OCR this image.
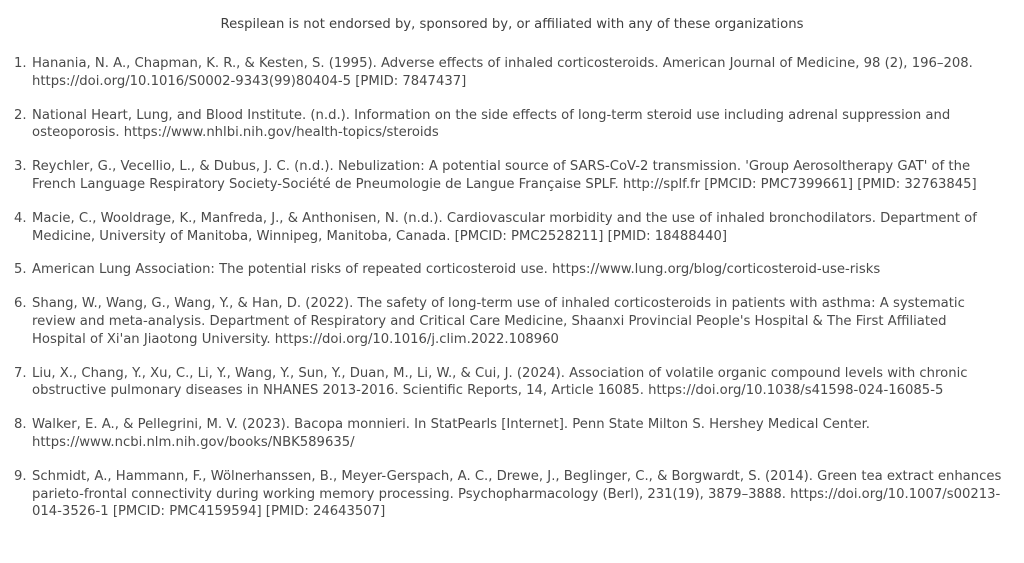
Respilean is not endorsed by, sponsored by, or affiliated with any of these organizations
1. Hanania, N. A., Chapman, K. R., & Kesten, S. (1995). Adverse effects of inhaled corticosteroids. American Journal of Medicine, 98 (2), 196–208. https://doi.org/10.1016/S0002-9343(99)80404-5 [PMID: 7847437]
2. National Heart, Lung, and Blood Institute. (n.d.). Information on the side effects of long-term steroid use including adrenal suppression and osteoporosis. https://www.nhlbi.nih.gov/health-topics/steroids
3. Reychler, G., Vecellio, L., & Dubus, J. C. (n.d.). Nebulization: A potential source of SARS-CoV-2 transmission. 'Group Aerosoltherapy GAT' of the French Language Respiratory Society-Société de Pneumologie de Langue Française SPLF. http://splf.fr [PMCID: PMC7399661] [PMID: 32763845]
4. Macie, C., Wooldrage, K., Manfreda, J., & Anthonisen, N. (n.d.). Cardiovascular morbidity and the use of inhaled bronchodilators. Department of Medicine, University of Manitoba, Winnipeg, Manitoba, Canada. [PMCID: PMC2528211] [PMID: 18488440]
5. American Lung Association: The potential risks of repeated corticosteroid use. https://www.lung.org/blog/corticosteroid-use-risks
6. Shang, W., Wang, G., Wang, Y., & Han, D. (2022). The safety of long-term use of inhaled corticosteroids in patients with asthma: A systematic review and meta-analysis. Department of Respiratory and Critical Care Medicine, Shaanxi Provincial People's Hospital & The First Affiliated Hospital of Xi'an Jiaotong University. https://doi.org/10.1016/j.clim.2022.108960
7. Liu, X., Chang, Y., Xu, C., Li, Y., Wang, Y., Sun, Y., Duan, M., Li, W., & Cui, J. (2024). Association of volatile organic compound levels with chronic obstructive pulmonary diseases in NHANES 2013-2016. Scientific Reports, 14, Article 16085. https://doi.org/10.1038/s41598-024-16085-5
8. Walker, E. A., & Pellegrini, M. V. (2023). Bacopa monnieri. In StatPearls [Internet]. Penn State Milton S. Hershey Medical Center. https://www.ncbi.nlm.nih.gov/books/NBK589635/
9. Schmidt, A., Hammann, F., Wölnerhanssen, B., Meyer-Gerspach, A. C., Drewe, J., Beglinger, C., & Borgwardt, S. (2014). Green tea extract enhances parieto-frontal connectivity during working memory processing. Psychopharmacology (Berl), 231(19), 3879–3888. https://doi.org/10.1007/s00213-014-3526-1 [PMCID: PMC4159594] [PMID: 24643507]
